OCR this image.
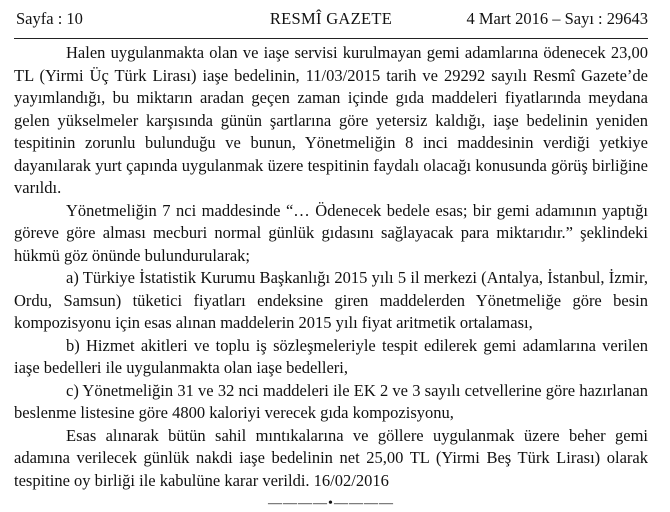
Sayfa : 10	RESMÎ GAZETE	4 Mart 2016 – Sayı : 29643

Halen uygulanmakta olan ve iaşe servisi kurulmayan gemi adamlarına ödenecek 23,00 TL (Yirmi Üç Türk Lirası) iaşe bedelinin, 11/03/2015 tarih ve 29292 sayılı Resmî Gazete’de yayımlandığı, bu miktarın aradan geçen zaman içinde gıda maddeleri fiyatlarında meydana gelen yükselmeler karşısında günün şartlarına göre yetersiz kaldığı, iaşe bedelinin yeniden tespitinin zorunlu bulunduğu ve bunun, Yönetmeliğin 8 inci maddesinin verdiği yetkiye dayanılarak yurt çapında uygulanmak üzere tespitinin faydalı olacağı konusunda görüş birliğine varıldı.

Yönetmeliğin 7 nci maddesinde “… Ödenecek bedele esas; bir gemi adamının yaptığı göreve göre alması mecburi normal günlük gıdasını sağlayacak para miktarıdır.” şeklindeki hükmü göz önünde bulundurularak;

a) Türkiye İstatistik Kurumu Başkanlığı 2015 yılı 5 il merkezi (Antalya, İstanbul, İzmir, Ordu, Samsun) tüketici fiyatları endeksine giren maddelerden Yönetmeliğe göre besin kompozisyonu için esas alınan maddelerin 2015 yılı fiyat aritmetik ortalaması,

b) Hizmet akitleri ve toplu iş sözleşmeleriyle tespit edilerek gemi adamlarına verilen iaşe bedelleri ile uygulanmakta olan iaşe bedelleri,

c) Yönetmeliğin 31 ve 32 nci maddeleri ile EK 2 ve 3 sayılı cetvellerine göre hazırlanan beslenme listesine göre 4800 kaloriyi verecek gıda kompozisyonu,

Esas alınarak bütün sahil mıntıkalarına ve göllere uygulanmak üzere beher gemi adamına verilecek günlük nakdi iaşe bedelinin net 25,00 TL (Yirmi Beş Türk Lirası) olarak tespitine oy birliği ile kabulüne karar verildi. 16/02/2016

————•————
